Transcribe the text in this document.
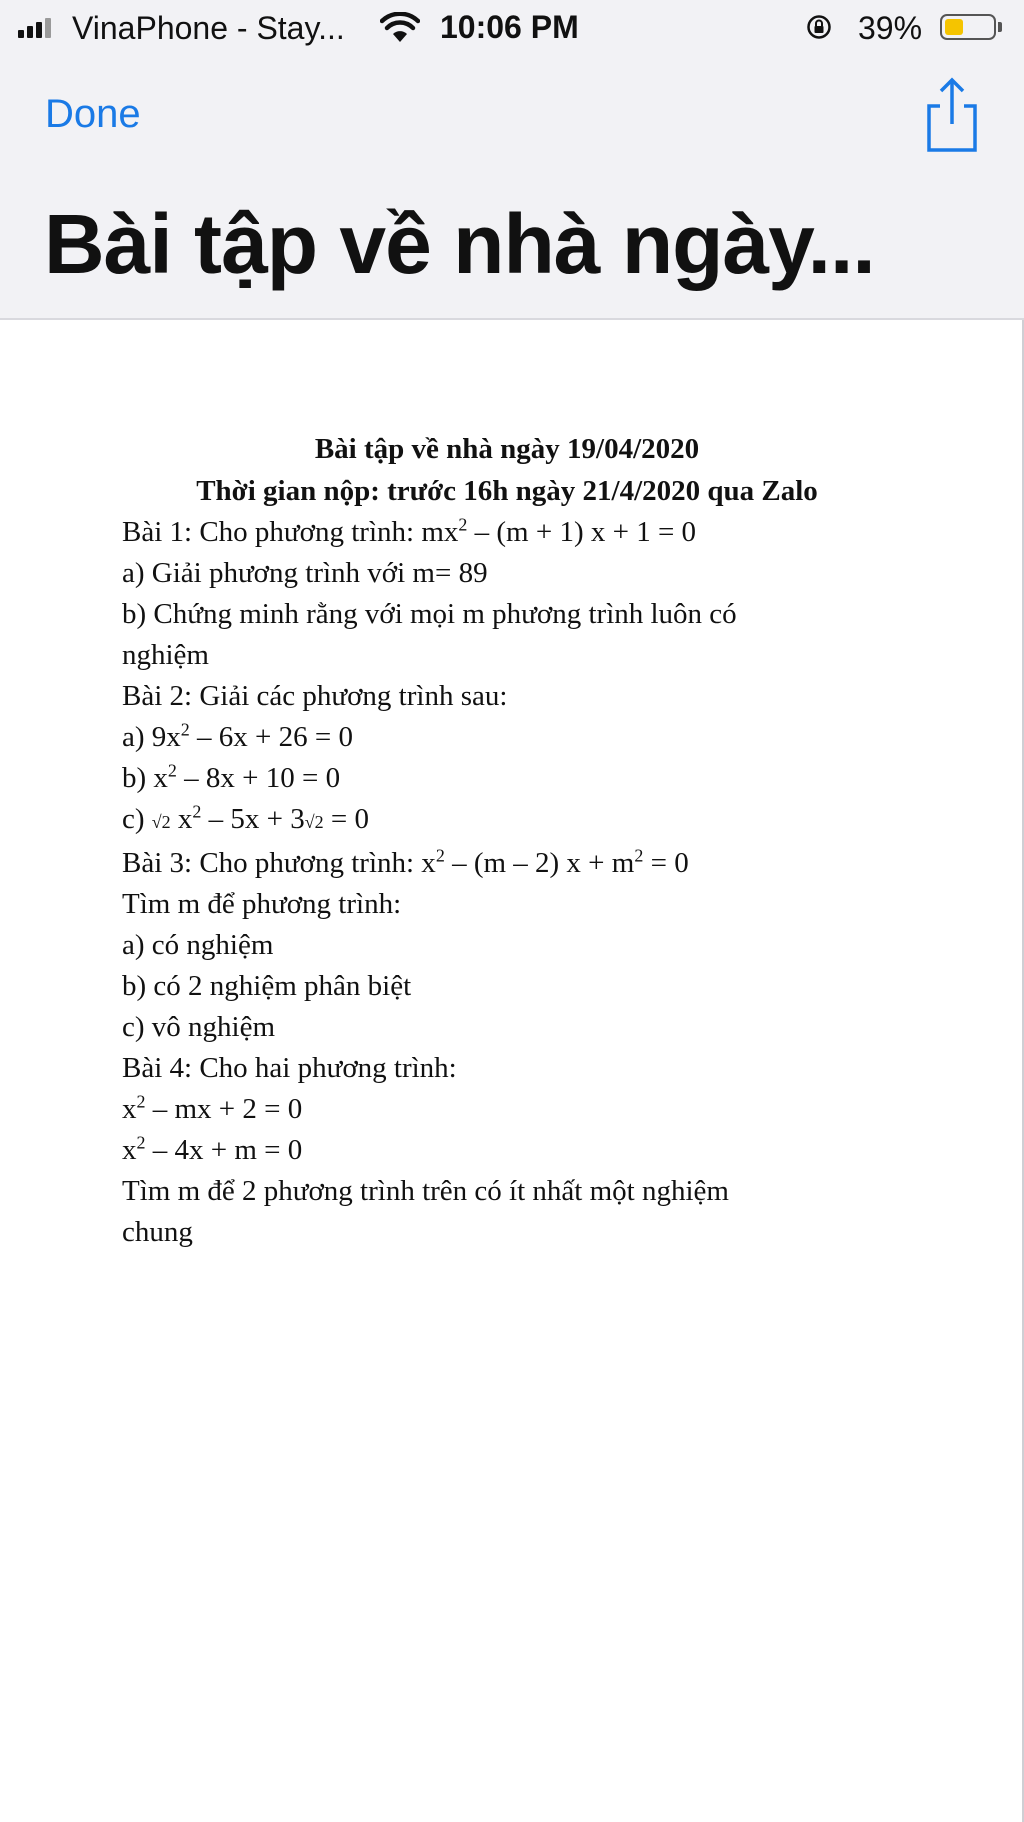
VinaPhone - Stay...	10:06 PM	39%
Done
Bài tập về nhà ngày...
Bài tập về nhà ngày 19/04/2020
Thời gian nộp: trước 16h ngày 21/4/2020 qua Zalo
Bài 1: Cho phương trình: $mx^2 - (m + 1) x + 1 = 0$
a) Giải phương trình với m= 89
b) Chứng minh rằng với mọi m phương trình luôn có
nghiệm
Bài 2: Giải các phương trình sau:
a) $9x^2 - 6x + 26 = 0$
b) $x^2 - 8x + 10 = 0$
c) √2 $x^2 - 5x + 3√2 = 0$
Bài 3: Cho phương trình: $x^2 - (m - 2) x + m^2 = 0$
Tìm m để phương trình:
a) có nghiệm
b) có 2 nghiệm phân biệt
c) vô nghiệm
Bài 4: Cho hai phương trình:
$x^2$ – mx + 2 = 0
$x^2 - 4x + m = 0$
Tìm m để 2 phương trình trên có ít nhất một nghiệm
chung
